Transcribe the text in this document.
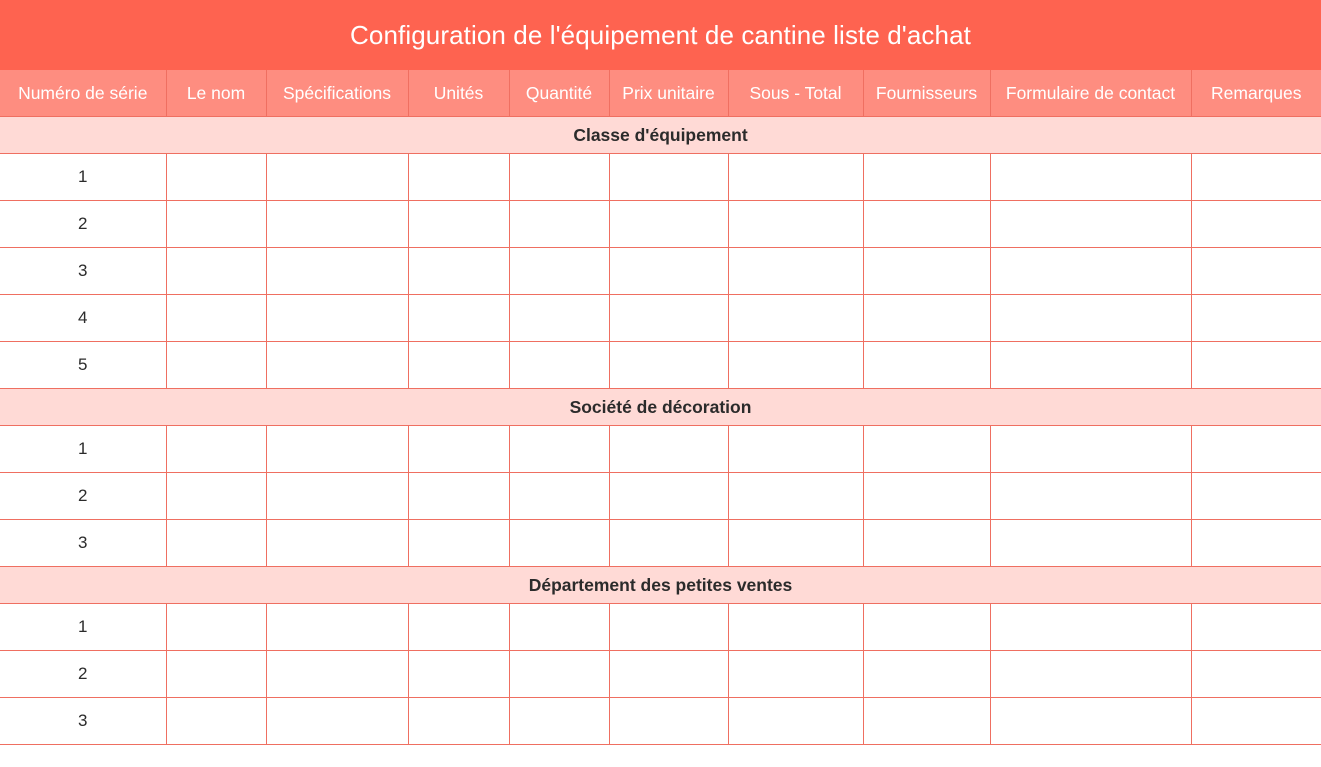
Configuration de l'équipement de cantine liste d'achat
Numéro de série	Le nom	Spécifications	Unités	Quantité	Prix unitaire	Sous - Total	Fournisseurs	Formulaire de contact	Remarques
Classe d'équipement									
1									
2									
3									
4									
5									
Société de décoration									
1									
2									
3									
Département des petites ventes									
1									
2									
3									
